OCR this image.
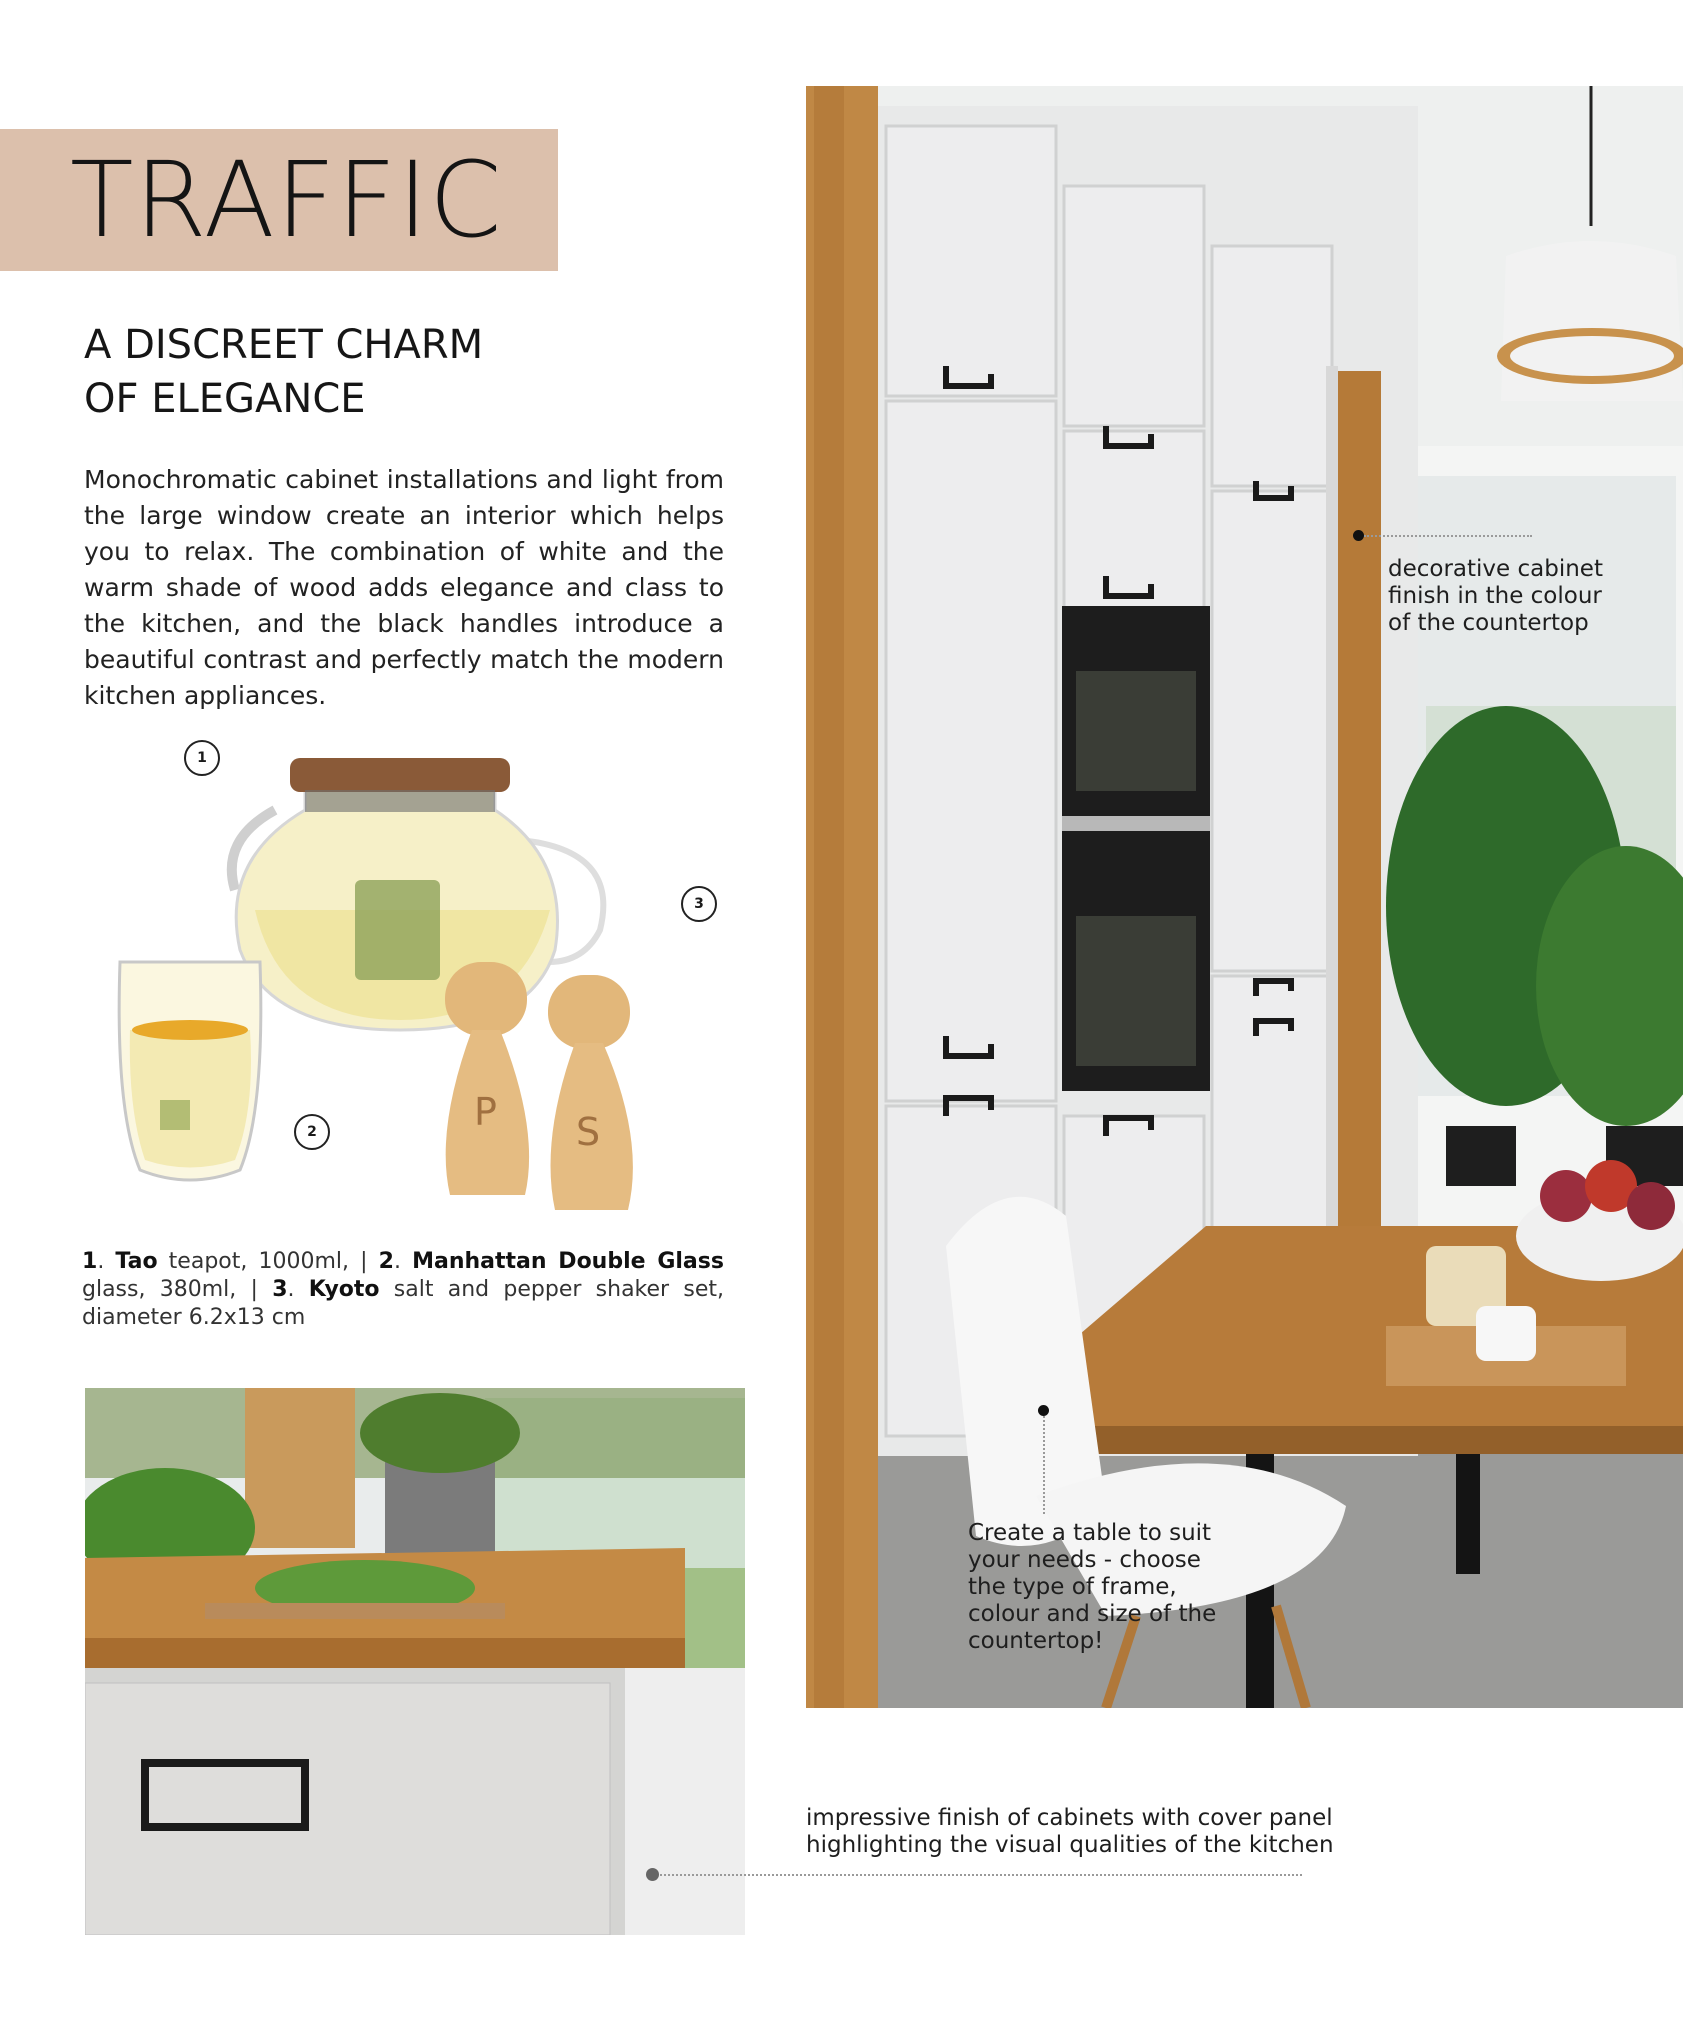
TRAFFIC
A DISCREET CHARM
OF ELEGANCE
Monochromatic cabinet installations and light from the large window create an interior which helps you to relax. The combination of white and the warm shade of wood adds elegance and class to the kitchen, and the black handles introduce a beautiful contrast and perfectly match the modern kitchen appliances.
P S
1
2
3
1. Tao teapot, 1000ml, | 2. Manhattan Double Glass glass, 380ml, | 3. Kyoto salt and pepper shaker set, diameter 6.2x13 cm
decorative cabinet finish in the colour of the countertop
Create a table to suit your needs - choose the type of frame, colour and size of the countertop!
impressive finish of cabinets with cover panel highlighting the visual qualities of the kitchen
